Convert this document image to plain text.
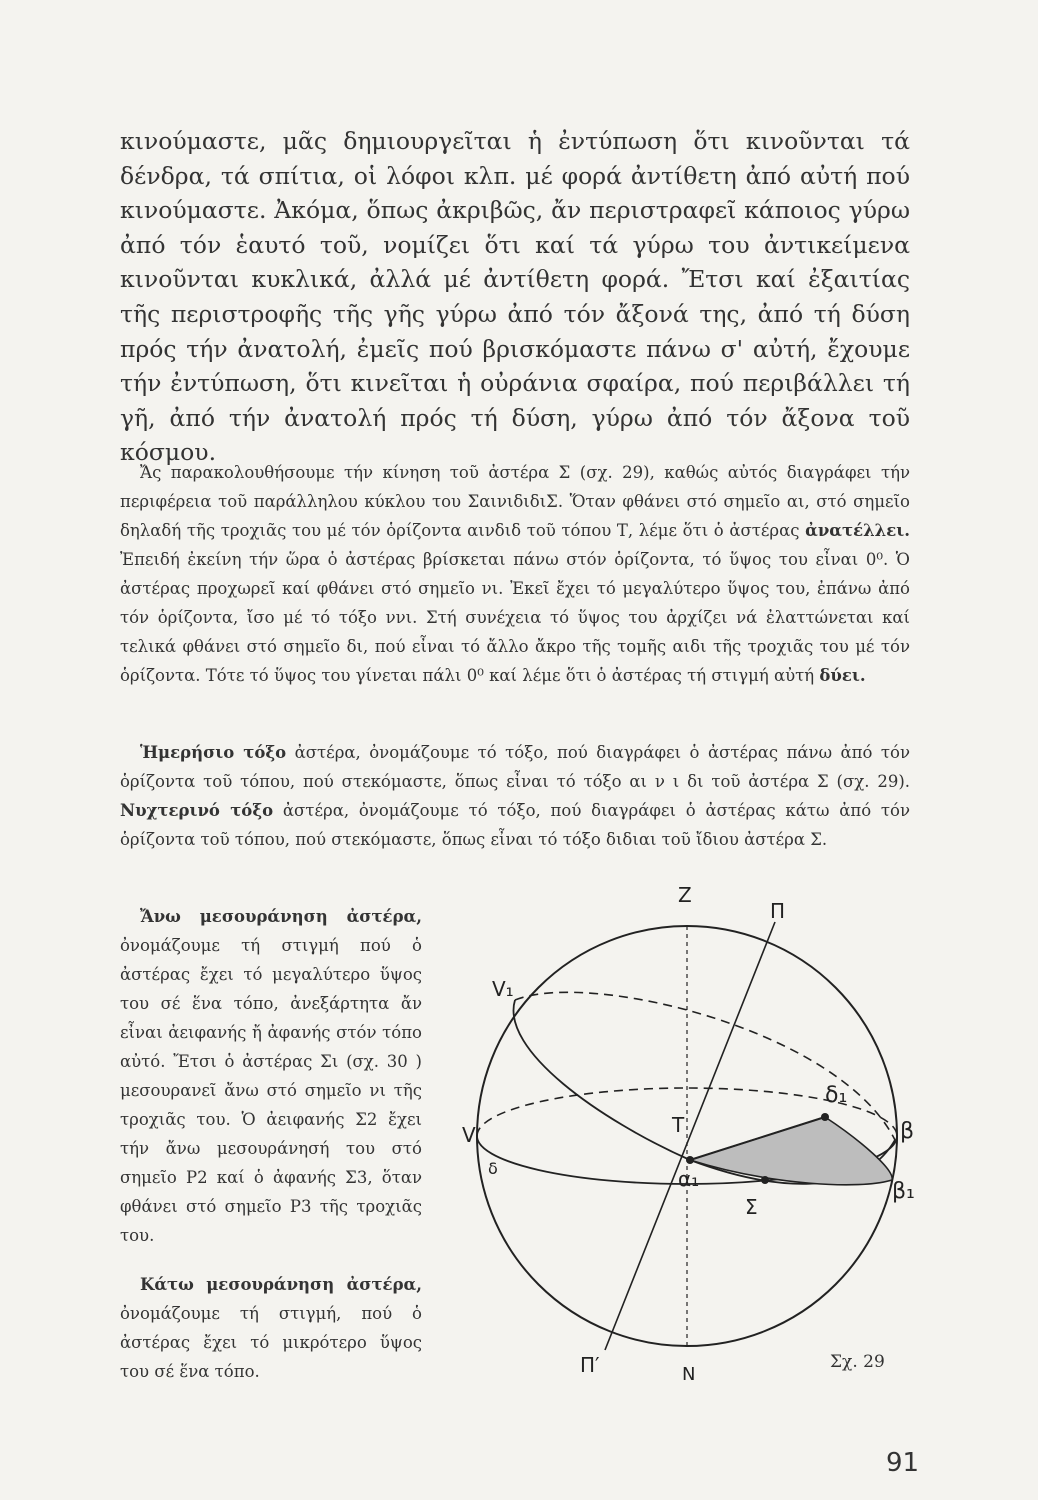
κινούμαστε, μᾶς δημιουργεῖται ἡ ἐντύπωση ὅτι κινοῦνται τά δένδρα, τά σπίτια, οἱ λόφοι κλπ. μέ φορά ἀντίθετη ἀπό αὐτή πού κινούμαστε. Ἀκόμα, ὅπως ἀκριβῶς, ἄν περιστραφεῖ κάποιος γύρω ἀπό τόν ἑαυτό τοῦ, νομίζει ὅτι καί τά γύρω του ἀντικείμενα κινοῦνται κυκλικά, ἀλλά μέ ἀντίθετη φορά. Ἔτσι καί ἐξαιτίας τῆς περιστροφῆς τῆς γῆς γύρω ἀπό τόν ἄξονά της, ἀπό τή δύση πρός τήν ἀνατολή, ἐμεῖς πού βρισκόμαστε πάνω σ' αὐτή, ἔχουμε τήν ἐντύπωση, ὅτι κινεῖται ἡ οὐράνια σφαίρα, πού περιβάλλει τή γῆ, ἀπό τήν ἀνατολή πρός τή δύση, γύρω ἀπό τόν ἄξονα τοῦ κόσμου.

Ἄς παρακολουθήσουμε τήν κίνηση τοῦ ἀστέρα Σ (σχ. 29), καθώς αὐτός διαγράφει τήν περιφέρεια τοῦ παράλληλου κύκλου του ΣαινιδιδιΣ. Ὅταν φθάνει στό σημεῖο αι, στό σημεῖο δηλαδή τῆς τροχιᾶς του μέ τόν ὁρίζοντα αινδιδ τοῦ τόπου Τ, λέμε ὅτι ὁ ἀστέρας ἀνατέλλει. Ἐπειδή ἐκείνη τήν ὥρα ὁ ἀστέρας βρίσκεται πάνω στόν ὁρίζοντα, τό ὕψος του εἶναι 0⁰. Ὁ ἀστέρας προχωρεῖ καί φθάνει στό σημεῖο νι. Ἐκεῖ ἔχει τό μεγαλύτερο ὕψος του, ἐπάνω ἀπό τόν ὁρίζοντα, ἴσο μέ τό τόξο ννι. Στή συνέχεια τό ὕψος του ἀρχίζει νά ἐλαττώνεται καί τελικά φθάνει στό σημεῖο δι, πού εἶναι τό ἄλλο ἄκρο τῆς τομῆς αιδι τῆς τροχιᾶς του μέ τόν ὁρίζοντα. Τότε τό ὕψος του γίνεται πάλι 0⁰ καί λέμε ὅτι ὁ ἀστέρας τή στιγμή αὐτή δύει.

Ἡμερήσιο τόξο ἀστέρα, ὀνομάζουμε τό τόξο, πού διαγράφει ὁ ἀστέρας πάνω ἀπό τόν ὁρίζοντα τοῦ τόπου, πού στεκόμαστε, ὅπως εἶναι τό τόξο αι ν ι δι τοῦ ἀστέρα Σ (σχ. 29). Νυχτερινό τόξο ἀστέρα, ὀνομάζουμε τό τόξο, πού διαγράφει ὁ ἀστέρας κάτω ἀπό τόν ὁρίζοντα τοῦ τόπου, πού στεκόμαστε, ὅπως εἶναι τό τόξο διδιαι τοῦ ἴδιου ἀστέρα Σ.

Ἄνω μεσουράνηση ἀστέρα, ὀνομάζουμε τή στιγμή πού ὁ ἀστέρας ἔχει τό μεγαλύτερο ὕψος του σέ ἕνα τόπο, ἀνεξάρτητα ἄν εἶναι ἀειφανής ἤ ἀφανής στόν τόπο αὐτό. Ἔτσι ὁ ἀστέρας Σι (σχ. 30 ) μεσουρανεῖ ἄνω στό σημεῖο νι τῆς τροχιᾶς του. Ὁ ἀειφανής Σ2 ἔχει τήν ἄνω μεσουράνησή του στό σημεῖο Ρ2 καί ὁ ἀφανής Σ3, ὅταν φθάνει στό σημεῖο Ρ3 τῆς τροχιᾶς του.

Κάτω μεσουράνηση ἀστέρα, ὀνομάζουμε τή στιγμή, πού ὁ ἀστέρας ἔχει τό μικρότερο ὕψος του σέ ἕνα τόπο.

Z
Π
Π′	N
V
V₁
T
α₁
δ₁
β
β₁
Σ
δ
Σχ. 29
91
